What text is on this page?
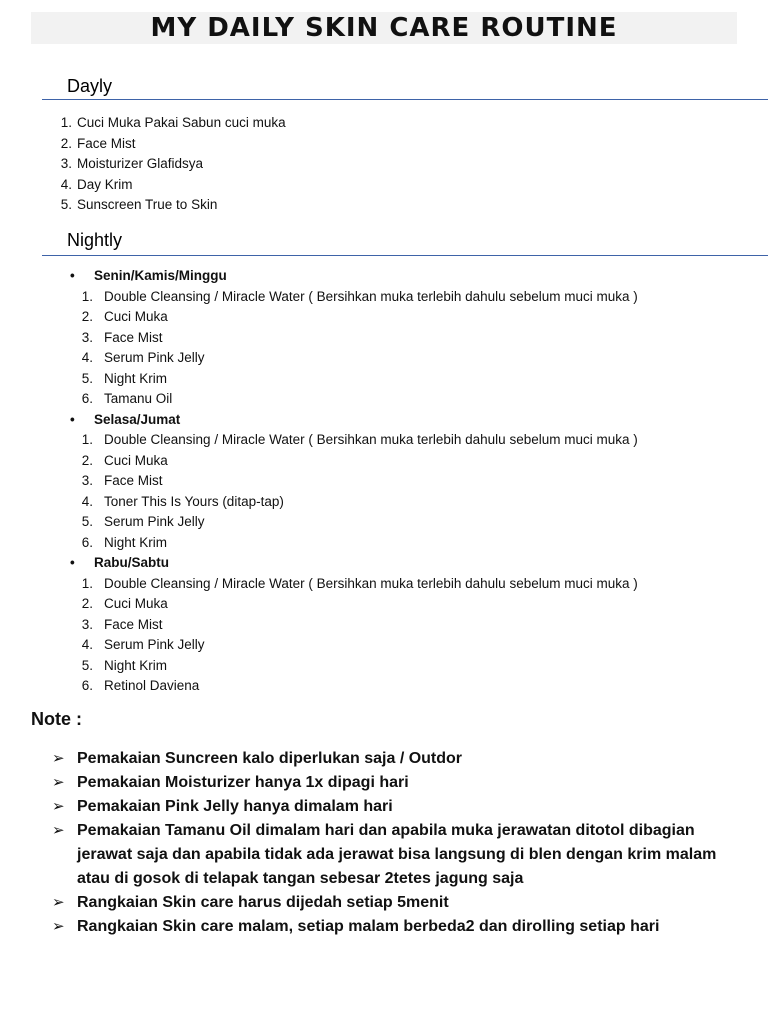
MY DAILY SKIN CARE ROUTINE
Dayly
1. Cuci Muka Pakai Sabun cuci muka
2. Face Mist
3. Moisturizer Glafidsya
4. Day Krim
5. Sunscreen True to Skin
Nightly
• Senin/Kamis/Minggu
1. Double Cleansing / Miracle Water ( Bersihkan muka terlebih dahulu sebelum muci muka )
2. Cuci Muka
3. Face Mist
4. Serum Pink Jelly
5. Night Krim
6. Tamanu Oil
• Selasa/Jumat
1. Double Cleansing / Miracle Water ( Bersihkan muka terlebih dahulu sebelum muci muka )
2. Cuci Muka
3. Face Mist
4. Toner This Is Yours (ditap-tap)
5. Serum Pink Jelly
6. Night Krim
• Rabu/Sabtu
1. Double Cleansing / Miracle Water ( Bersihkan muka terlebih dahulu sebelum muci muka )
2. Cuci Muka
3. Face Mist
4. Serum Pink Jelly
5. Night Krim
6. Retinol Daviena
Note :
➢ Pemakaian Suncreen kalo diperlukan saja / Outdor
➢ Pemakaian Moisturizer hanya 1x dipagi hari
➢ Pemakaian Pink Jelly hanya dimalam hari
➢ Pemakaian Tamanu Oil dimalam hari dan apabila muka jerawatan ditotol dibagian jerawat saja dan apabila tidak ada jerawat bisa langsung di blen dengan krim malam atau di gosok di telapak tangan sebesar 2tetes jagung saja
➢ Rangkaian Skin care harus dijedah setiap 5menit
➢ Rangkaian Skin care malam, setiap malam berbeda2 dan dirolling setiap hari
